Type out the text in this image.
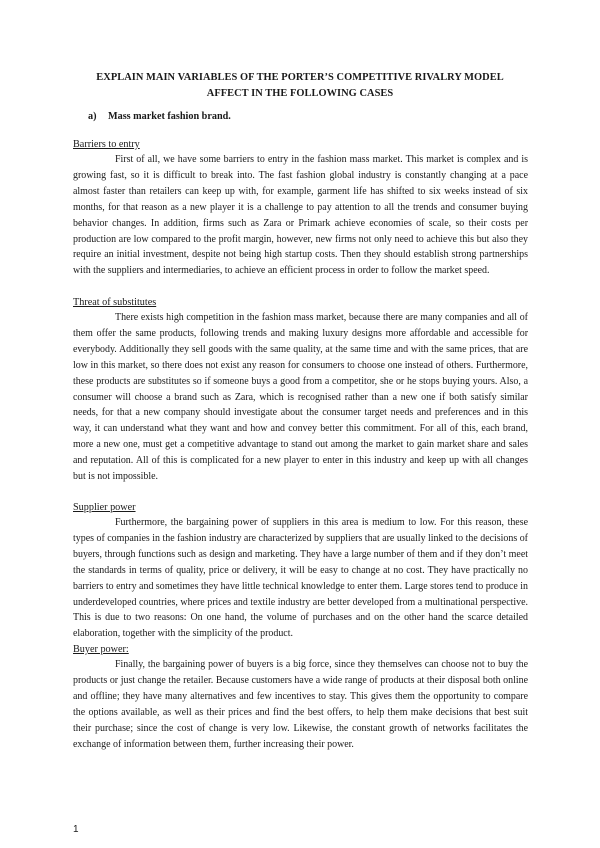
EXPLAIN MAIN VARIABLES OF THE PORTER’S COMPETITIVE RIVALRY MODEL
AFFECT IN THE FOLLOWING CASES
a) Mass market fashion brand.
Barriers to entry

First of all, we have some barriers to entry in the fashion mass market. This market is complex and is growing fast, so it is difficult to break into. The fast fashion global industry is constantly changing at a pace almost faster than retailers can keep up with, for example, garment life has shifted to six weeks instead of six months, for that reason as a new player it is a challenge to pay attention to all the trends and consumer buying behavior changes. In addition, firms such as Zara or Primark achieve economies of scale, so their costs per production are low compared to the profit margin, however, new firms not only need to achieve this but also they require an initial investment, despite not being high startup costs. Then they should establish strong partnerships with the suppliers and intermediaries, to achieve an efficient process in order to follow the market speed.

Threat of substitutes

There exists high competition in the fashion mass market, because there are many companies and all of them offer the same products, following trends and making luxury designs more affordable and accessible for everybody. Additionally they sell goods with the same quality, at the same time and with the same prices, that are low in this market, so there does not exist any reason for consumers to choose one instead of others. Furthermore, these products are substitutes so if someone buys a good from a competitor, she or he stops buying yours. Also, a consumer will choose a brand such as Zara, which is recognised rather than a new one if both satisfy similar needs, for that a new company should investigate about the consumer target needs and preferences and in this way, it can understand what they want and how and convey better this commitment. For all of this, each brand, more a new one, must get a competitive advantage to stand out among the market to gain market share and sales and reputation. All of this is complicated for a new player to enter in this industry and keep up with all changes but is not impossible.

Supplier power

Furthermore, the bargaining power of suppliers in this area is medium to low. For this reason, these types of companies in the fashion industry are characterized by suppliers that are usually linked to the decisions of buyers, through functions such as design and marketing. They have a large number of them and if they don’t meet the standards in terms of quality, price or delivery, it will be easy to change at no cost. They have practically no barriers to entry and sometimes they have little technical knowledge to enter them. Large stores tend to produce in underdeveloped countries, where prices and textile industry are better developed from a multinational perspective. This is due to two reasons: On one hand, the volume of purchases and on the other hand the scarce detailed elaboration, together with the simplicity of the product.

Buyer power:

Finally, the bargaining power of buyers is a big force, since they themselves can choose not to buy the products or just change the retailer. Because customers have a wide range of products at their disposal both online and offline; they have many alternatives and few incentives to stay. This gives them the opportunity to compare the options available, as well as their prices and find the best offers, to help them make decisions that best suit their purchase; since the cost of change is very low. Likewise, the constant growth of networks facilitates the exchange of information between them, further increasing their power.

1
